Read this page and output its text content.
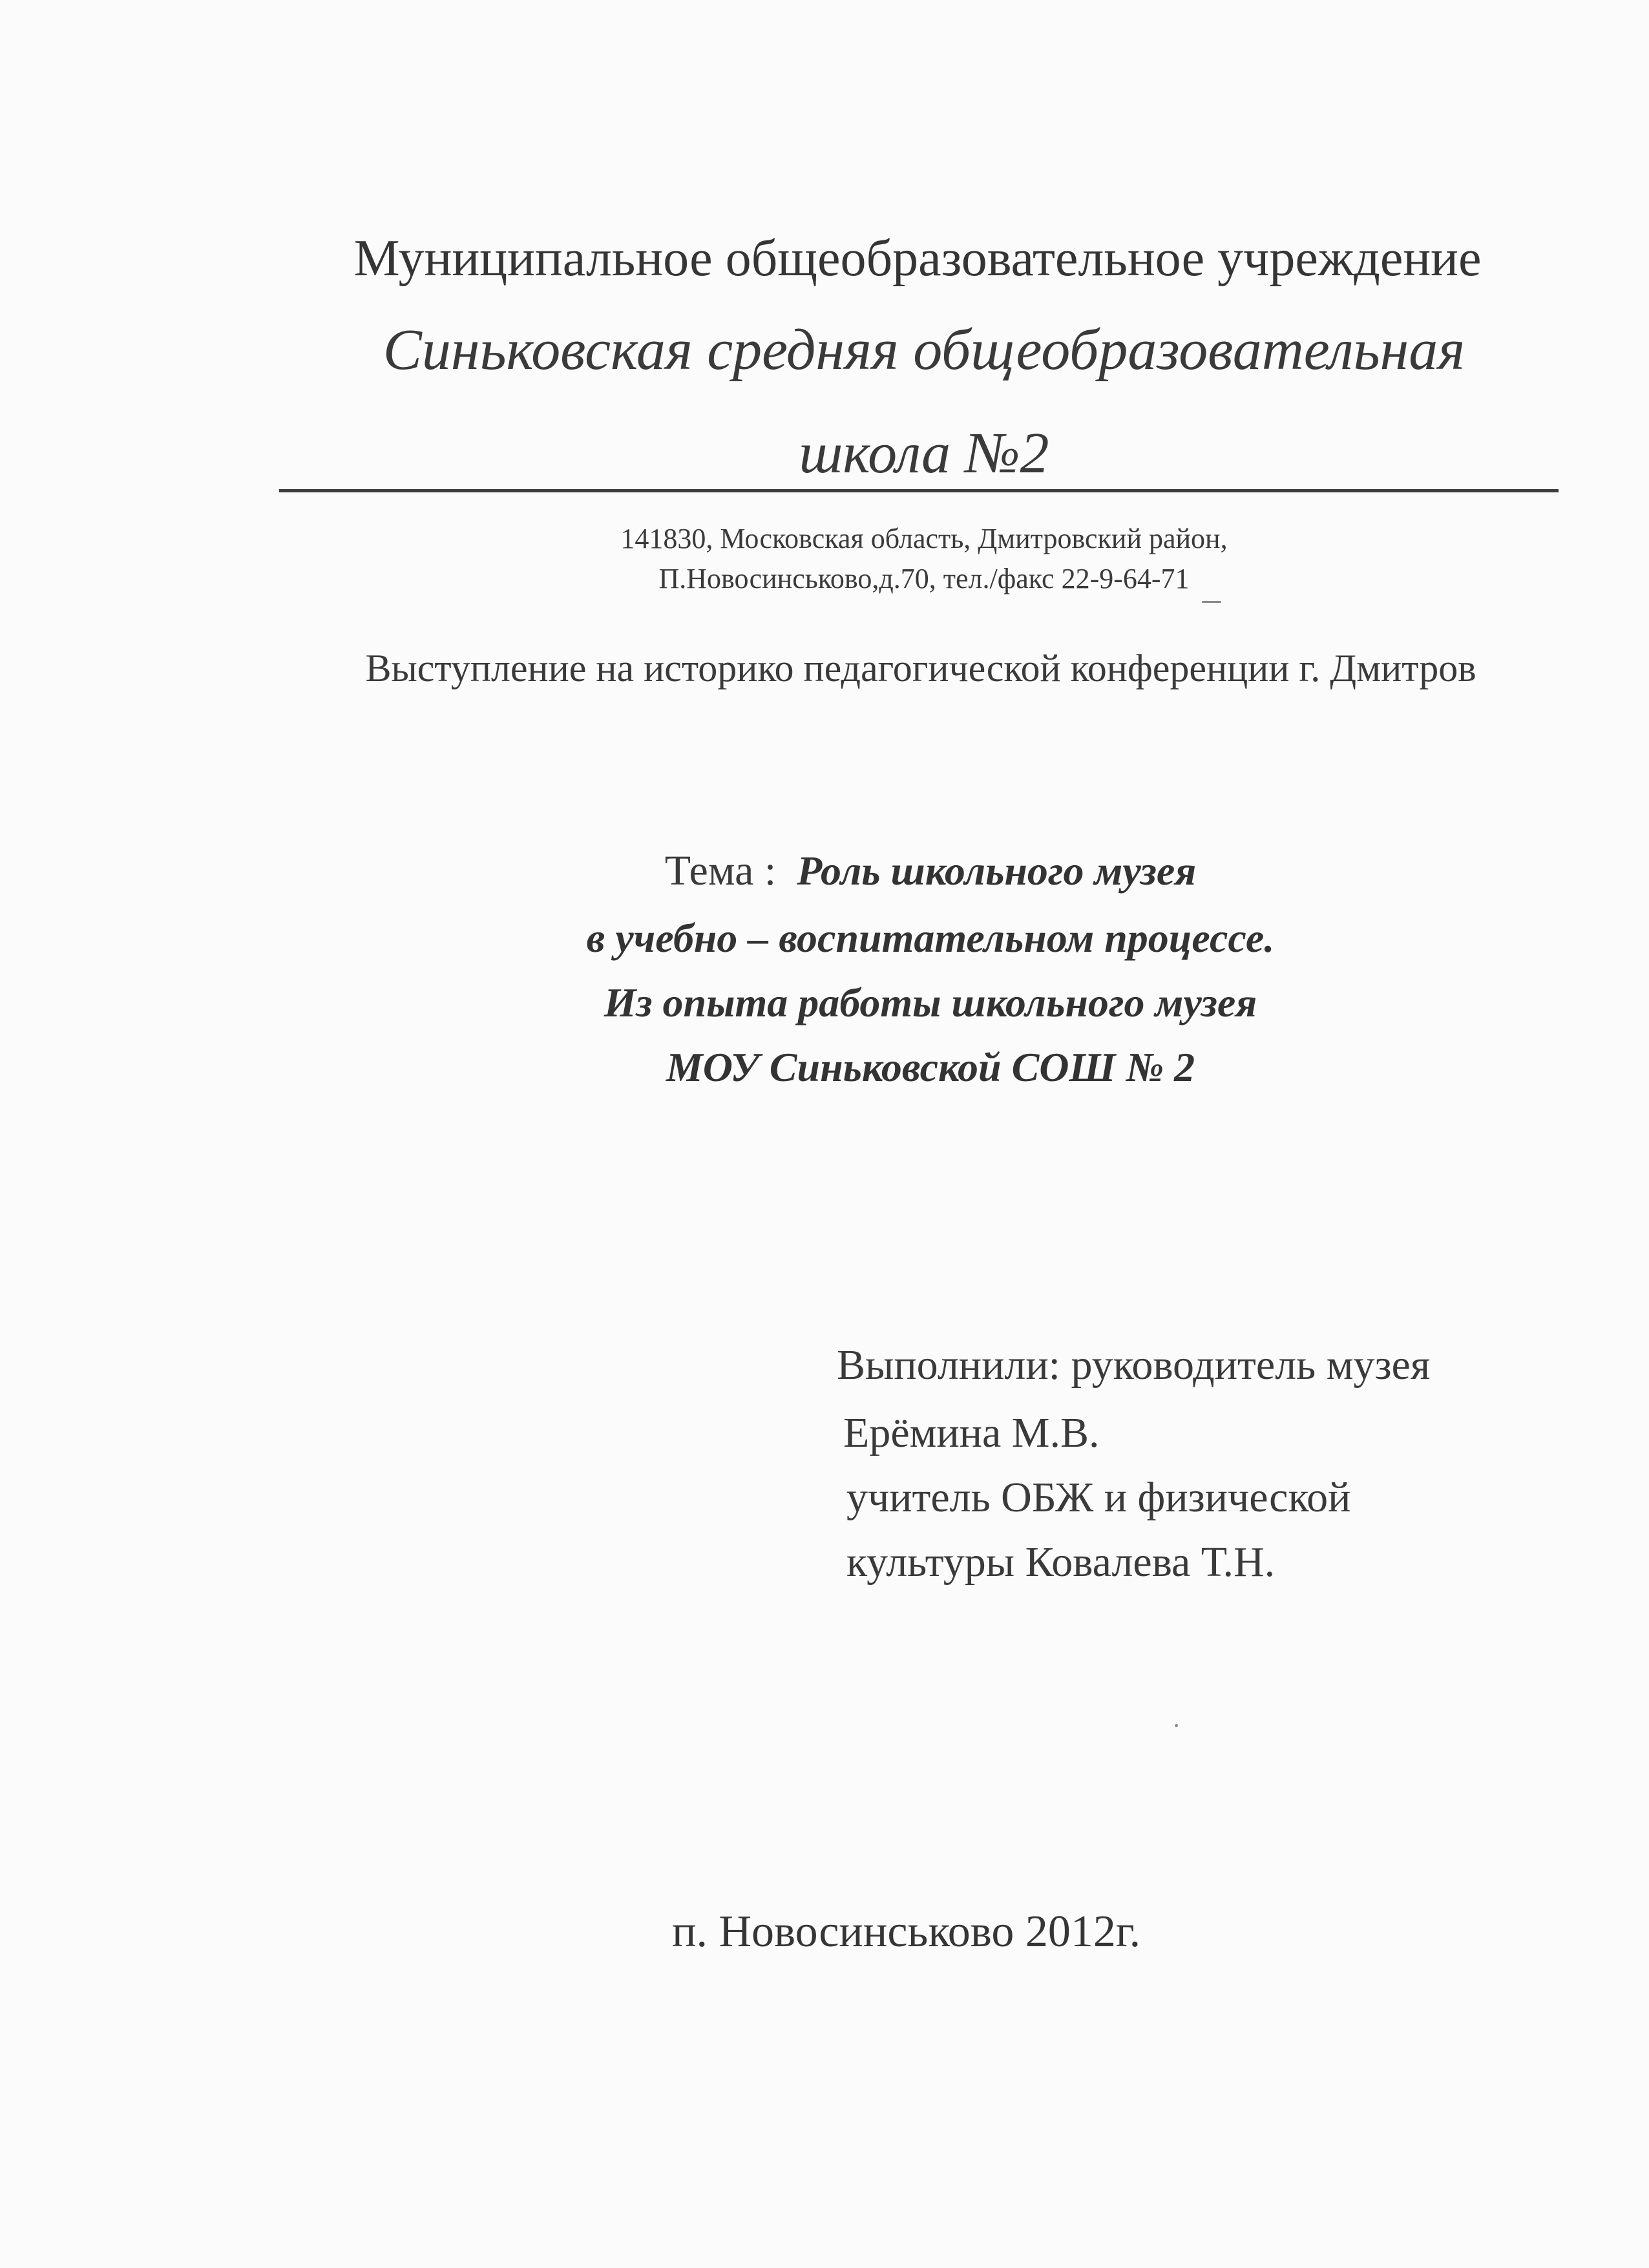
Муниципальное общеобразовательное учреждение
Синьковская средняя общеобразовательная
школа №2
141830, Московская область, Дмитровский район,
П.Новосинськово,д.70, тел./факс 22-9-64-71
Выступление на историко педагогической конференции г. Дмитров
Тема : Роль школьного музея
в учебно – воспитательном процессе.
Из опыта работы школьного музея
МОУ Синьковской СОШ № 2
Выполнили: руководитель музея
Ерёмина М.В.
учитель ОБЖ и физической
культуры Ковалева Т.Н.
п. Новосинськово 2012г.
